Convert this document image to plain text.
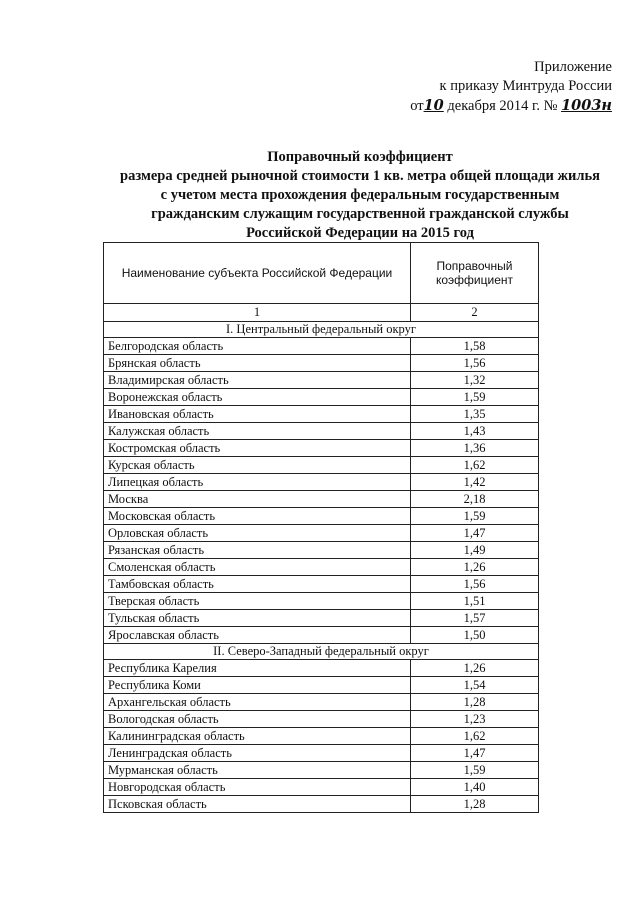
Приложение
к приказу Минтруда России
от10 декабря 2014 г. № 1003н
Поправочный коэффициент
размера средней рыночной стоимости 1 кв. метра общей площади жилья
с учетом места прохождения федеральным государственным
гражданским служащим государственной гражданской службы
Российской Федерации на 2015 год
Наименование субъекта Российской Федерации	Поправочный коэффициент
1	2
I. Центральный федеральный округ	
Белгородская область	1,58
Брянская область	1,56
Владимирская область	1,32
Воронежская область	1,59
Ивановская область	1,35
Калужская область	1,43
Костромская область	1,36
Курская область	1,62
Липецкая область	1,42
Москва	2,18
Московская область	1,59
Орловская область	1,47
Рязанская область	1,49
Смоленская область	1,26
Тамбовская область	1,56
Тверская область	1,51
Тульская область	1,57
Ярославская область	1,50
II. Северо-Западный федеральный округ	
Республика Карелия	1,26
Республика Коми	1,54
Архангельская область	1,28
Вологодская область	1,23
Калининградская область	1,62
Ленинградская область	1,47
Мурманская область	1,59
Новгородская область	1,40
Псковская область	1,28
